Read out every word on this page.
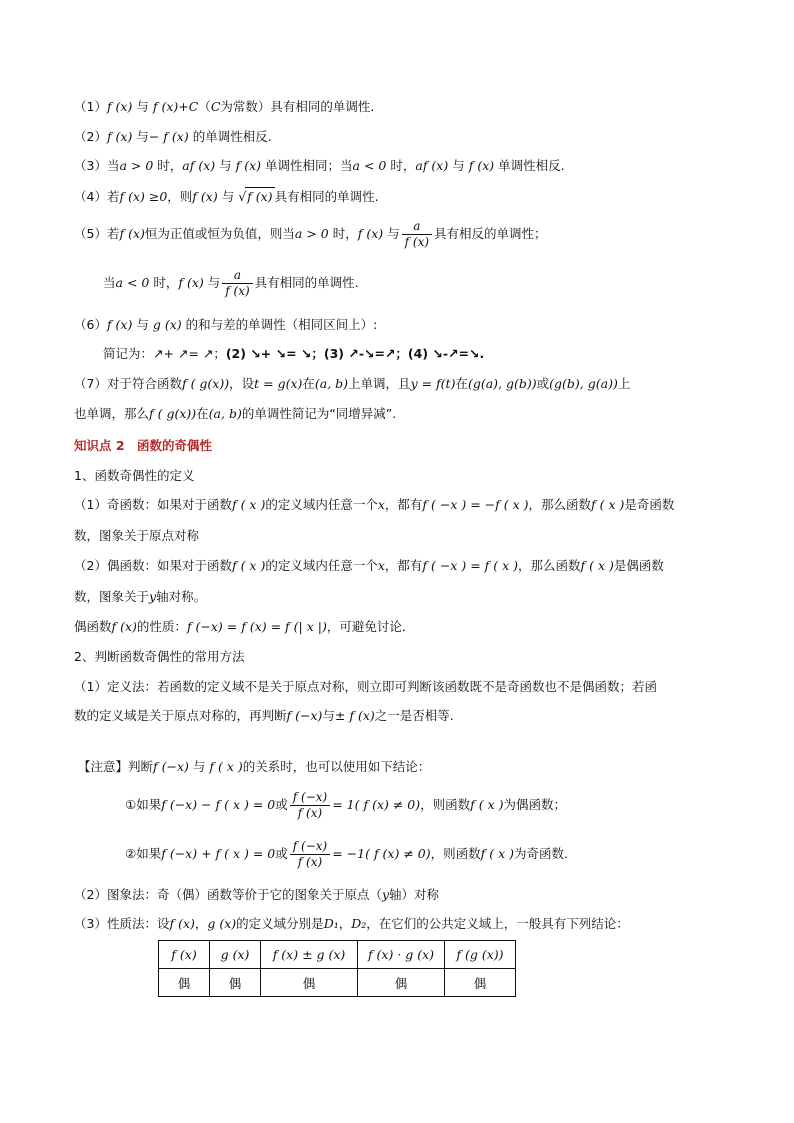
（1）f (x) 与 f (x)+C（C为常数）具有相同的单调性.
（2）f (x) 与− f (x) 的单调性相反.
（3）当a > 0 时，af (x) 与 f (x) 单调性相同；当a < 0 时，af (x) 与 f (x) 单调性相反.
（4）若f (x) ≥0，则f (x) 与 √f (x) 具有相同的单调性.
（5）若f (x)恒为正值或恒为负值，则当a > 0 时，f (x) 与 $\frac{a}{f (x)}$ 具有相反的单调性；
当a < 0 时，f (x) 与 $\frac{a}{f (x)}$ 具有相同的单调性.
（6）f (x) 与 g (x) 的和与差的单调性（相同区间上）:
简记为：↗+ ↗= ↗；(2) ↘+ ↘= ↘；(3) ↗-↘=↗；(4) ↘-↗=↘.
（7）对于符合函数f ( g(x))，设t = g(x)在(a, b)上单调，且y = f(t)在(g(a), g(b))或(g(b), g(a))上
也单调，那么f ( g(x))在(a, b)的单调性简记为“同增异减”.
知识点 2　函数的奇偶性
1、函数奇偶性的定义
（1）奇函数：如果对于函数f ( x )的定义域内任意一个x，都有f ( −x ) = −f ( x )，那么函数f ( x )是奇函数
数，图象关于原点对称
（2）偶函数：如果对于函数f ( x )的定义域内任意一个x，都有f ( −x ) = f ( x )，那么函数f ( x )是偶函数
数，图象关于y轴对称。
偶函数f (x)的性质：f (−x) = f (x) = f (| x |)，可避免讨论．
2、判断函数奇偶性的常用方法
（1）定义法：若函数的定义域不是关于原点对称，则立即可判断该函数既不是奇函数也不是偶函数；若函
数的定义域是关于原点对称的，再判断f (−x)与± f (x)之一是否相等.
【注意】判断f (−x) 与 f ( x )的关系时，也可以使用如下结论：
①如果f (−x) − f ( x ) = 0或 $\frac{f (-x)}{f (x)} = 1$( f (x) ≠ 0)，则函数f ( x )为偶函数；
②如果f (−x) + f ( x ) = 0或 $\frac{f (-x)}{f (x)} = -1$( f (x) ≠ 0)，则函数f ( x )为奇函数．
（2）图象法：奇（偶）函数等价于它的图象关于原点（y轴）对称
（3）性质法：设f (x)，g (x)的定义域分别是D₁，D₂，在它们的公共定义域上，一般具有下列结论：
f (x)	g (x)	f (x) ± g (x)	f (x) · g (x)	f (g (x))
偶	偶	偶	偶	偶
